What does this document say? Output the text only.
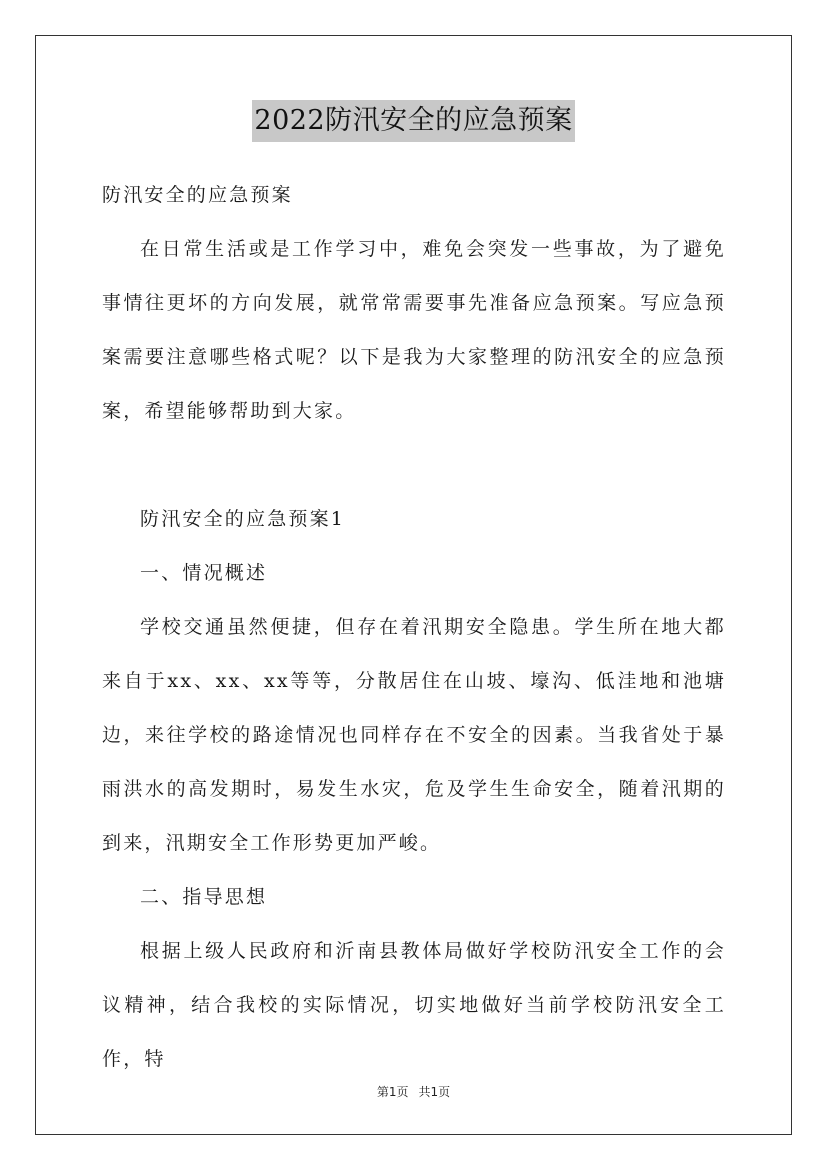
2022防汛安全的应急预案

防汛安全的应急预案

在日常生活或是工作学习中，难免会突发一些事故，为了避免事情往更坏的方向发展，就常常需要事先准备应急预案。写应急预案需要注意哪些格式呢？以下是我为大家整理的防汛安全的应急预案，希望能够帮助到大家。

防汛安全的应急预案1

一、情况概述

学校交通虽然便捷，但存在着汛期安全隐患。学生所在地大都来自于xx、xx、xx等等，分散居住在山坡、壕沟、低洼地和池塘边，来往学校的路途情况也同样存在不安全的因素。当我省处于暴雨洪水的高发期时，易发生水灾，危及学生生命安全，随着汛期的到来，汛期安全工作形势更加严峻。

二、指导思想

根据上级人民政府和沂南县教体局做好学校防汛安全工作的会议精神，结合我校的实际情况，切实地做好当前学校防汛安全工作，特

第1页 共1页
